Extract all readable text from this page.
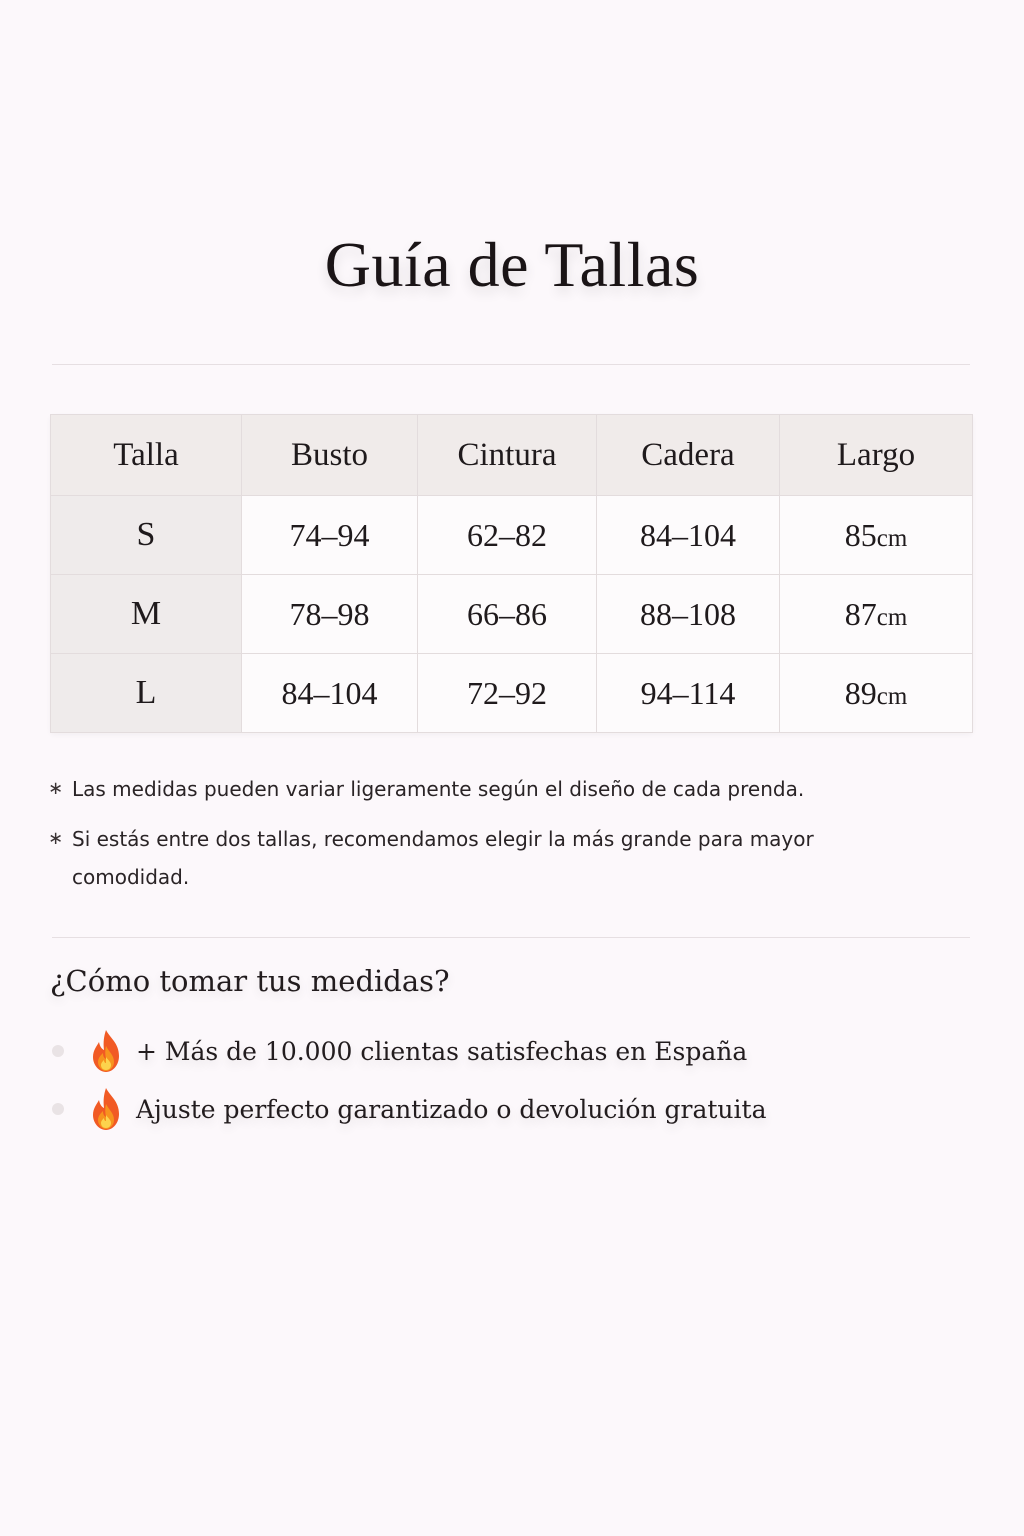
Guía de Tallas
Talla	Busto	Cintura	Cadera	Largo
S	74–94	62–82	84–104	85cm
M	78–98	66–86	88–108	87cm
L	84–104	72–92	94–114	89cm
∗ Las medidas pueden variar ligeramente según el diseño de cada prenda.
∗ Si estás entre dos tallas, recomendamos elegir la más grande para mayor comodidad.
¿Cómo tomar tus medidas?
+ Más de 10.000 clientas satisfechas en España
Ajuste perfecto garantizado o devolución gratuita
